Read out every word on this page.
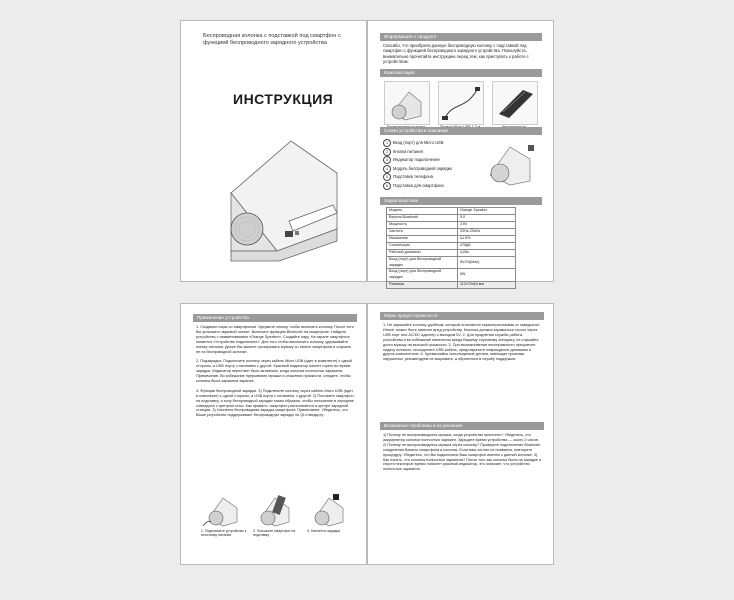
Беспроводная колонка с подставкой под смартфон с функцией беспроводного зарядного устройства
ИНСТРУКЦИЯ
Информация о продукте

Спасибо, что приобрели данную беспроводную колонку с подставкой под смартфон с функцией беспроводного зарядного устройства. Пожалуйста, внимательно прочитайте инструкцию перед тем, как приступить к работе с устройством.

Комплектация
Схема устройства и описание
1 Вход (порт) для Micro USB
2 Кнопка питания
3 Индикатор подключения
4 Модуль беспроводной зарядки
5 Подставка телефона
6 Подставка для смартфона
Характеристики
Модель	Orange Speaker
Версия Bluetooth	5.0
Мощность	3 Вт
Частота	20Hz-20kHz
Искажение	≤1.0%
Сигнал/шум	≥75дБ
Рабочий диапазон	≤10м
Вход (порт) для беспроводной зарядки	5V/2A(Max)
Вход (порт) для беспроводной зарядки	5W
Размеры	112x70x64 мм
Применение устройства

1. Создание пары со смартфоном. Удержите кнопку, чтобы включить колонку. После чего Вы услышите звуковой сигнал. Включите функцию Bluetooth на смартфоне. Найдите устройство с наименованием «Orange Speaker». Создайте пару. На экране смартфона появится «Устройство подключено». Для того чтобы выключить колонку, удерживайте кнопку питания. Далее Вы можете проигрывать музыку со своего смартфона и слушать ее на беспроводной колонке.

2. Подзарядка. Подключите колонку через кабель Micro USB (идет в комплекте) с одной стороны, а USB порту с питанием с другой. Красный индикатор начнет гореть во время зарядки. Индикатор перестает быть активным, когда колонка полностью заряжена. Примечание: Во избежание прерывания музыки и снижения громкости, следите, чтобы колонка была заряжена заранее.

3. Функция беспроводной зарядки. 3) Подключите колонку через кабель Micro USB (идет в комплекте) с одной стороны, а USB порту с питанием, с другой. 2) Положите смартфон на подставку, и зону беспроводной зарядки таким образом, чтобы положение в середине совпадало с центром зоны. Как правило, смартфон располагается в центре зарядной станции. 3) Начнется беспроводная зарядка смартфона. Примечание: Убедитесь, что Ваше устройство поддерживает беспроводную зарядку по Qi-стандарту.

1. Подключите устройство к источнику питания
2. Положите смартфон на подставку
3. Начнется зарядка
Меры предосторожности

1. Не заряжайте колонку удобным, который отличается характеристиками от заводского. Иначе, может быть нанесен вред устройству. Колонка должна заряжаться строго через USB порт или AC/DC адаптер с выходом 5V. 2. Для продления службы работы устройства и во избежание нанесения вреда Вашему слуховому аппарату, не слушайте долго музыку на высокой громкости. 3. При возникновении неисправности прекратите подачу питания, отсоедините USB кабель, предотвратите повреждение динамика и других компонентов. 4. Чрезвычайно используемые детали, имеющие признаки нарушения, рекомендуем не вскрывать, а обратиться в службу поддержки.

Возможные проблемы и их решения

1) Почему не воспроизводится музыка, когда устройство включено? Убедитесь, что аккумулятор колонки полностью заряжен. Зарядите время устройства — около 2 часов. 2) Почему не воспроизводится музыка через колонку? Проверьте подключение Bluetooth соединения Вашего смартфона и колонки. Если ваш сигнал не появился, повторите процедуру. Убедитесь, что Вы подключили Ваш смартфон именно к данной колонке. 3) Как понять, что колонка полностью заряжена? После того как колонка была на зарядке и спустя некоторое время погаснет красный индикатор, это означает, что устройство полностью заряжено.
